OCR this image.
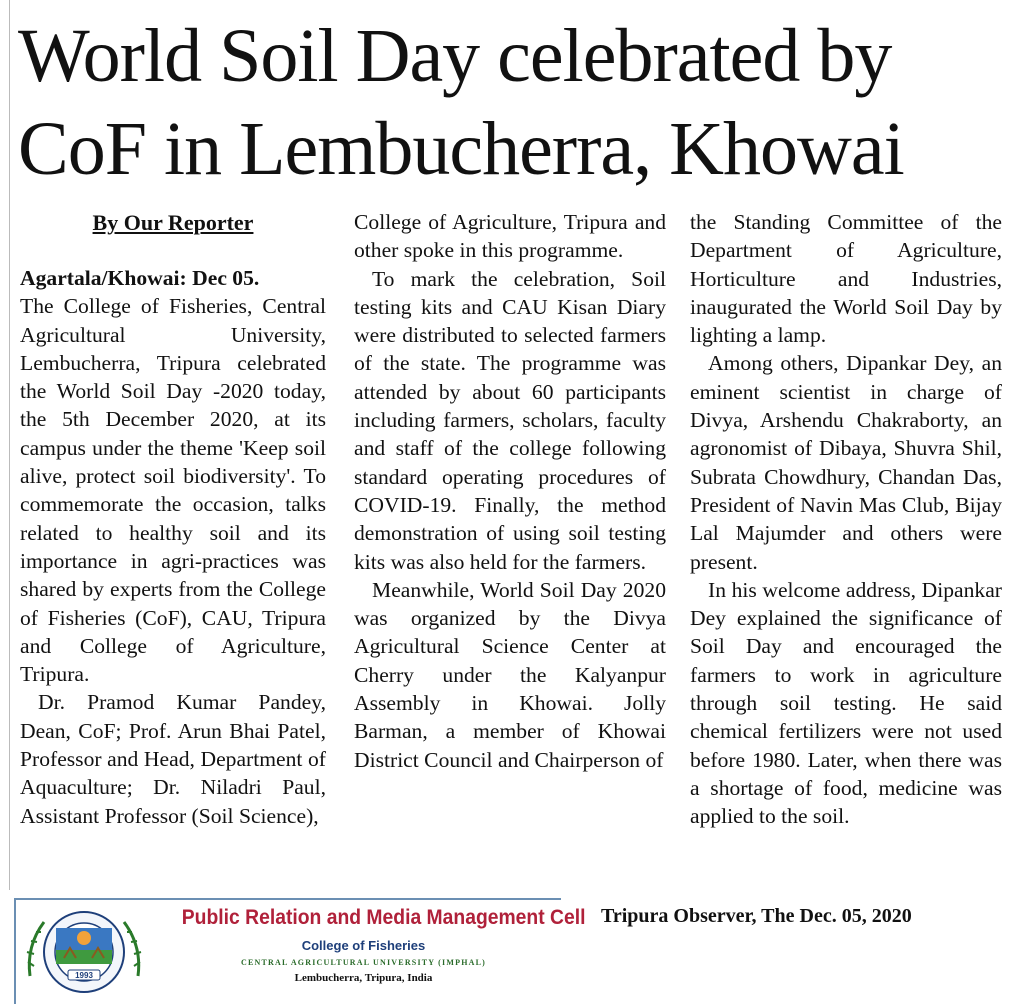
World Soil Day celebrated by
CoF in Lembucherra, Khowai
By Our Reporter

Agartala/Khowai: Dec 05.
The College of Fisheries, Central Agricultural University, Lembucherra, Tripura celebrated the World Soil Day -2020 today, the 5th December 2020, at its campus under the theme 'Keep soil alive, protect soil biodiversity'. To commemorate the occasion, talks related to healthy soil and its importance in agri-practices was shared by experts from the College of Fisheries (CoF), CAU, Tripura and College of Agriculture, Tripura.

Dr. Pramod Kumar Pandey, Dean, CoF; Prof. Arun Bhai Patel, Professor and Head, Department of Aquaculture; Dr. Niladri Paul, Assistant Professor (Soil Science),

College of Agriculture, Tripura and other spoke in this programme.

To mark the celebration, Soil testing kits and CAU Kisan Diary were distributed to selected farmers of the state. The programme was attended by about 60 participants including farmers, scholars, faculty and staff of the college following standard operating procedures of COVID-19. Finally, the method demonstration of using soil testing kits was also held for the farmers.

Meanwhile, World Soil Day 2020 was organized by the Divya Agricultural Science Center at Cherry under the Kalyanpur Assembly in Khowai. Jolly Barman, a member of Khowai District Council and Chairperson of

the Standing Committee of the Department of Agriculture, Horticulture and Industries, inaugurated the World Soil Day by lighting a lamp.

Among others, Dipankar Dey, an eminent scientist in charge of Divya, Arshendu Chakraborty, an agronomist of Dibaya, Shuvra Shil, Subrata Chowdhury, Chandan Das, President of Navin Mas Club, Bijay Lal Majumder and others were present.

In his welcome address, Dipankar Dey explained the significance of Soil Day and encouraged the farmers to work in agriculture through soil testing. He said chemical fertilizers were not used before 1980. Later, when there was a shortage of food, medicine was applied to the soil.

1993
Public Relation and Media Management Cell
College of Fisheries
CENTRAL AGRICULTURAL UNIVERSITY (IMPHAL)
Lembucherra, Tripura, India
Tripura Observer, The Dec. 05, 2020
